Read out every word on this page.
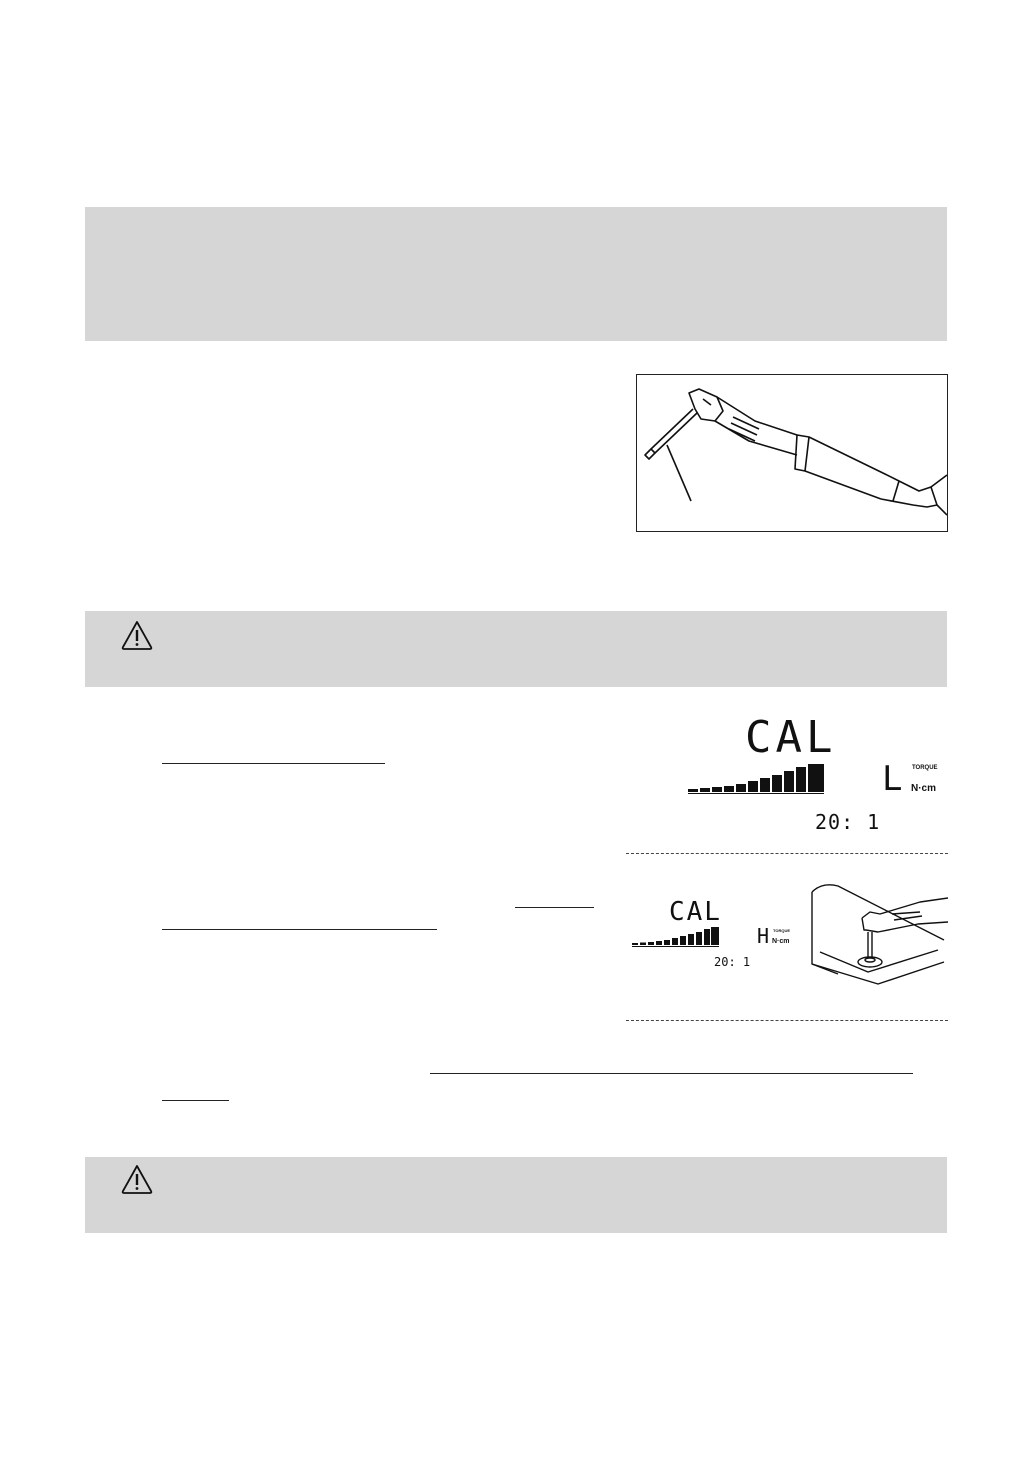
CAL
L TORQUE
N·cm
20: 1
CAL
H TORQUE
N·cm
20: 1
